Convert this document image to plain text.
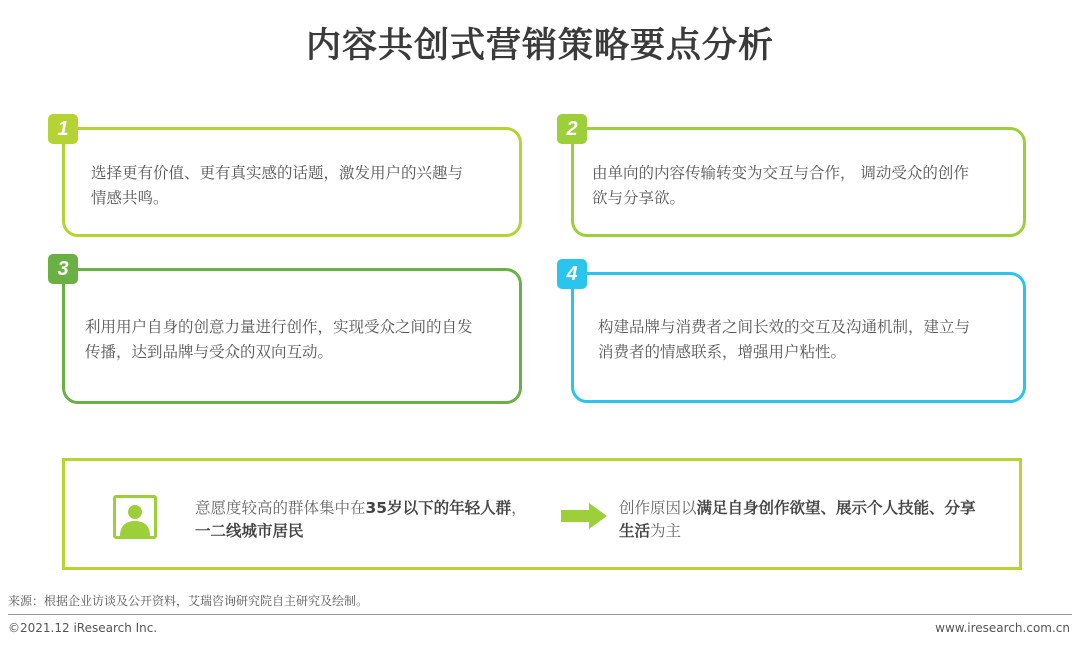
内容共创式营销策略要点分析
选择更有价值、更有真实感的话题，激发用户的兴趣与
情感共鸣。
1
由单向的内容传输转变为交互与合作， 调动受众的创作
欲与分享欲。
2
利用用户自身的创意力量进行创作，实现受众之间的自发
传播，达到品牌与受众的双向互动。
3
构建品牌与消费者之间长效的交互及沟通机制，建立与
消费者的情感联系，增强用户粘性。
4
意愿度较高的群体集中在35岁以下的年轻人群，
一二线城市居民
创作原因以满足自身创作欲望、展示个人技能、分享
生活为主
来源：根据企业访谈及公开资料，艾瑞咨询研究院自主研究及绘制。
©2021.12 iResearch Inc.	www.iresearch.com.cn
